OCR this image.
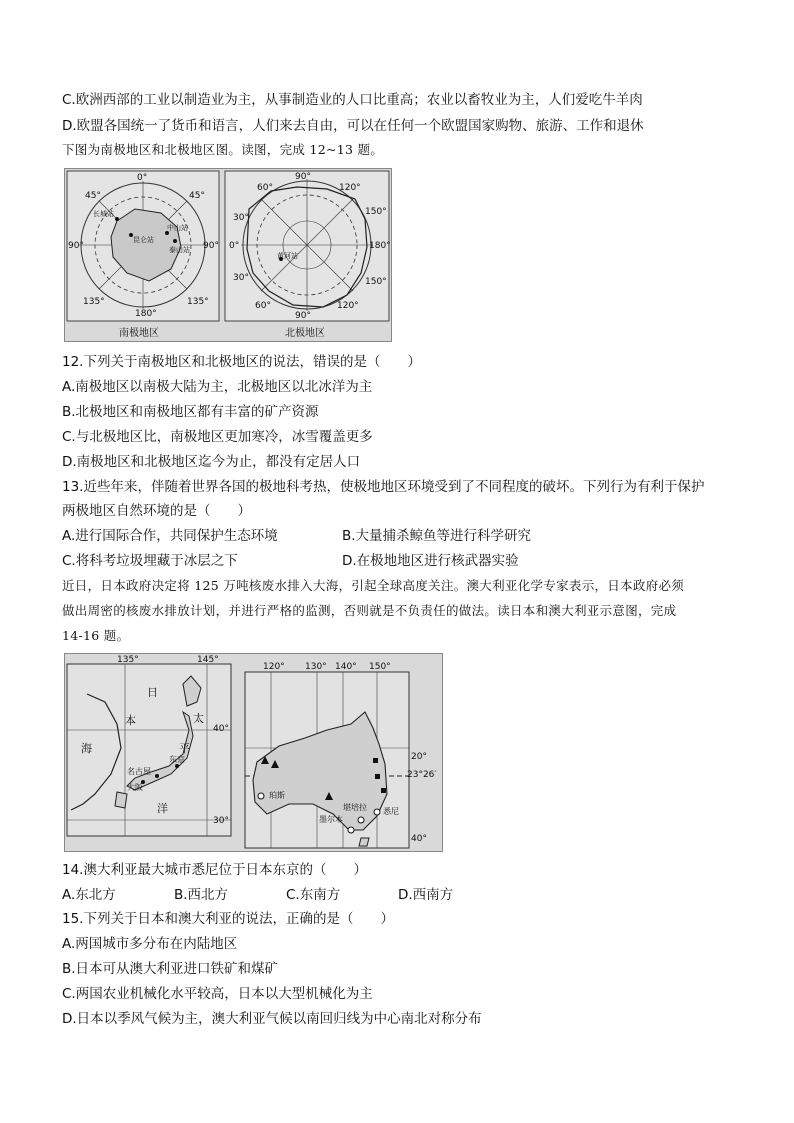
C.欧洲西部的工业以制造业为主，从事制造业的人口比重高；农业以畜牧业为主，人们爱吃牛羊肉
D.欧盟各国统一了货币和语言，人们来去自由，可以在任何一个欧盟国家购物、旅游、工作和退休
下图为南极地区和北极地区图。读图，完成 12~13 题。
0°
45°	45°
90°	90°
135°	135°
180°
长城站
昆仑站
中山站
泰山站
南极地区
90°
60°	120°
30°
150°
0°	180°
30°	150°
60°	120°
90°
黄河站
北极地区
12.下列关于南极地区和北极地区的说法，错误的是（　　）
A.南极地区以南极大陆为主，北极地区以北冰洋为主
B.北极地区和南极地区都有丰富的矿产资源
C.与北极地区比，南极地区更加寒冷，冰雪覆盖更多
D.南极地区和北极地区迄今为止，都没有定居人口
13.近些年来，伴随着世界各国的极地科考热，使极地地区环境受到了不同程度的破坏。下列行为有利于保护
两极地区自然环境的是（　　）
A.进行国际合作，共同保护生态环境	B.大量捕杀鲸鱼等进行科学研究
C.将科考垃圾埋藏于冰层之下	D.在极地地区进行核武器实验
近日，日本政府决定将 125 万吨核废水排入大海，引起全球高度关注。澳大利亚化学专家表示，日本政府必须
做出周密的核废水排放计划，并进行严格的监测，否则就是不负责任的做法。读日本和澳大利亚示意图，完成
14-16 题。
135°	145°
日
本
海
太
平
洋
40°
30°
名古屋
东京
大阪
120° 130° 140° 150°
20°
23°26′
珀斯
堪培拉 悉尼
墨尔本
40°
14.澳大利亚最大城市悉尼位于日本东京的（　　）
A.东北方	B.西北方	C.东南方	D.西南方
15.下列关于日本和澳大利亚的说法，正确的是（　　）
A.两国城市多分布在内陆地区
B.日本可从澳大利亚进口铁矿和煤矿
C.两国农业机械化水平较高，日本以大型机械化为主
D.日本以季风气候为主，澳大利亚气候以南回归线为中心南北对称分布
